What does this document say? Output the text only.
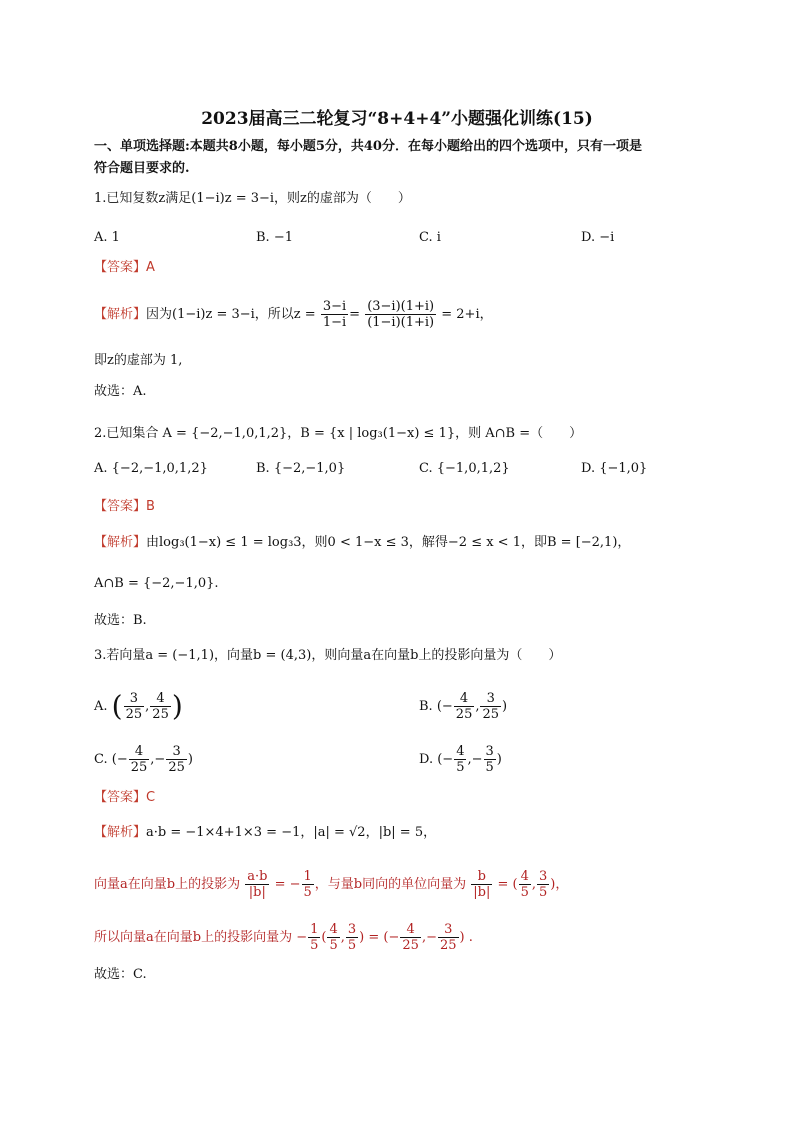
2023届高三二轮复习“8+4+4”小题强化训练(15)
一、单项选择题:本题共8小题，每小题5分，共40分．在每小题给出的四个选项中，只有一项是
符合题目要求的.
1.已知复数z满足(1−i)z = 3−i，则z的虚部为（　　）
A. 1	B. −1	C. i	D. −i
【答案】A
【解析】因为(1−i)z = 3−i，所以$z = \frac{3-i}{1-i} = \frac{(3-i)(1+i)}{(1-i)(1+i)} = 2+i$，
即z的虚部为 1,
故选：A.
2.已知集合 A = {−2,−1,0,1,2}，B = {x | log₃(1−x) ≤ 1}，则 A∩B =（　　）
A. {−2,−1,0,1,2}	B. {−2,−1,0}	C. {−1,0,1,2}	D. {−1,0}
【答案】B
【解析】由log₃(1−x) ≤ 1 = log₃3，则0 < 1−x ≤ 3，解得−2 ≤ x < 1，即B = [−2,1)，
A∩B = {−2,−1,0}.
故选：B.
3.若向量a = (−1,1)，向量b = (4,3)，则向量a在向量b上的投影向量为（　　）
A. ( $\frac{3}{25}$ , $\frac{4}{25}$ )	B. (− $\frac{4}{25}$ , $\frac{3}{25}$ )
C. (− $\frac{4}{25}$ ,− $\frac{3}{25}$ )	D. (− $\frac{4}{5}$ ,− $\frac{3}{5}$ )
【答案】C
【解析】a·b = −1×4+1×3 = −1，|a| = √2，|b| = 5，
向量a在向量b上的投影为 $\frac{a\cdot b}{|b|}$ = − $\frac{1}{5}$ ，与量b同向的单位向量为 $\frac{b}{|b|}$ = ( $\frac{4}{5}$ , $\frac{3}{5}$ )，
所以向量a在向量b上的投影向量为 − $\frac{1}{5}$ ( $\frac{4}{5}$ , $\frac{3}{5}$ ) = (− $\frac{4}{25}$ ,− $\frac{3}{25}$ ) .
故选：C.
